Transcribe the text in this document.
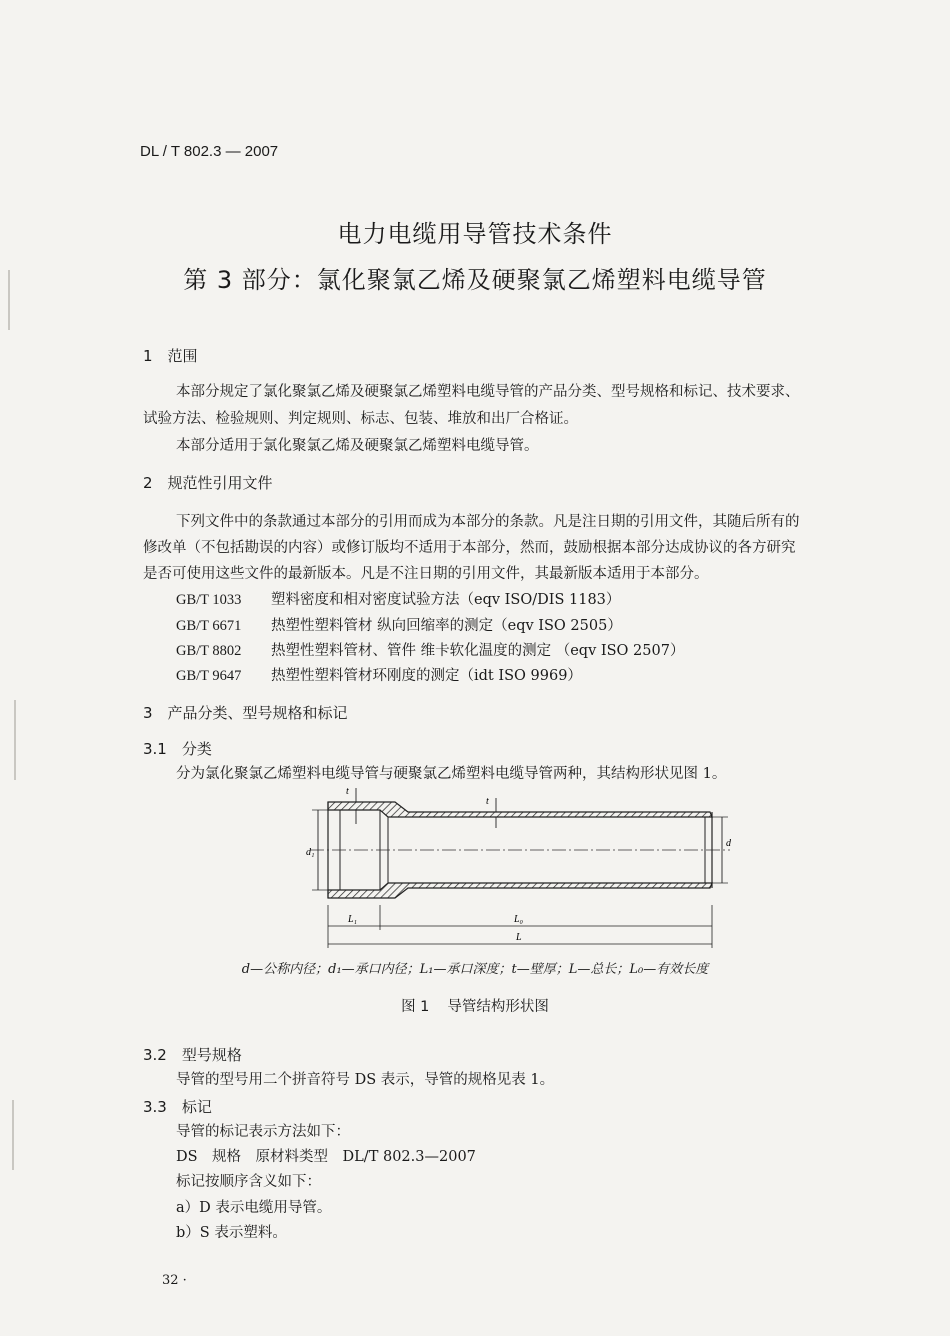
DL / T 802.3 — 2007
电力电缆用导管技术条件
第 3 部分：氯化聚氯乙烯及硬聚氯乙烯塑料电缆导管
1　范围
本部分规定了氯化聚氯乙烯及硬聚氯乙烯塑料电缆导管的产品分类、型号规格和标记、技术要求、
试验方法、检验规则、判定规则、标志、包装、堆放和出厂合格证。
本部分适用于氯化聚氯乙烯及硬聚氯乙烯塑料电缆导管。
2　规范性引用文件
下列文件中的条款通过本部分的引用而成为本部分的条款。凡是注日期的引用文件，其随后所有的
修改单（不包括勘误的内容）或修订版均不适用于本部分，然而，鼓励根据本部分达成协议的各方研究
是否可使用这些文件的最新版本。凡是不注日期的引用文件，其最新版本适用于本部分。
GB/T 1033 塑料密度和相对密度试验方法（eqv ISO/DIS 1183）
GB/T 6671 热塑性塑料管材 纵向回缩率的测定（eqv ISO 2505）
GB/T 8802 热塑性塑料管材、管件 维卡软化温度的测定 （eqv ISO 2507）
GB/T 9647 热塑性塑料管材环刚度的测定（idt ISO 9969）
3　产品分类、型号规格和标记
3.1　分类
分为氯化聚氯乙烯塑料电缆导管与硬聚氯乙烯塑料电缆导管两种，其结构形状见图 1。
t
t
d₁
d
L₁	L₀
L
d—公称内径；d₁—承口内径；L₁—承口深度；t—壁厚；L—总长；L₀—有效长度
图 1 导管结构形状图
3.2　型号规格
导管的型号用二个拼音符号 DS 表示，导管的规格见表 1。
3.3　标记
导管的标记表示方法如下：
DS　规格　原材料类型　DL/T 802.3—2007
标记按顺序含义如下：
a）D 表示电缆用导管。
b）S 表示塑料。
32 ·
